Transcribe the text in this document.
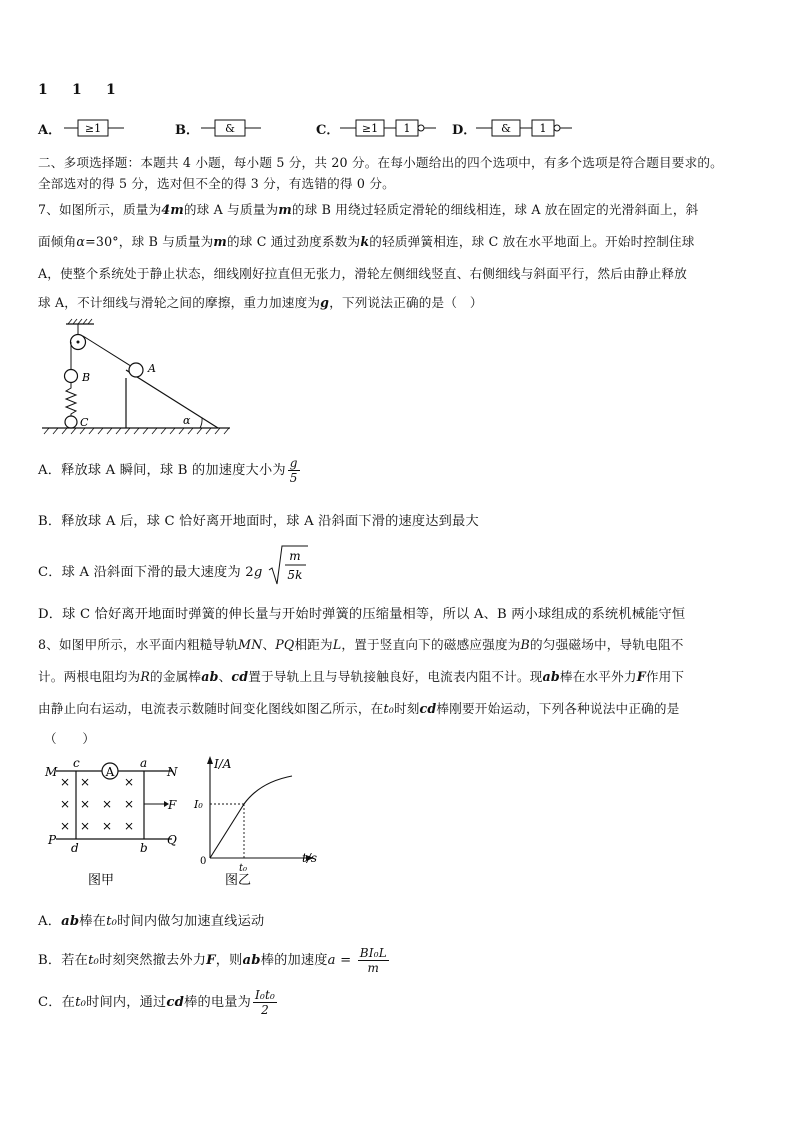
1 1 1
A． ≥1	B． &	C． ≥1 1	D． &	1
二、多项选择题：本题共 4 小题，每小题 5 分，共 20 分。在每小题给出的四个选项中，有多个选项是符合题目要求的。
全部选对的得 5 分，选对但不全的得 3 分，有选错的得 0 分。
7、如图所示，质量为4m的球 A 与质量为m的球 B 用绕过轻质定滑轮的细线相连，球 A 放在固定的光滑斜面上，斜
面倾角α=30°，球 B 与质量为m的球 C 通过劲度系数为k的轻质弹簧相连，球 C 放在水平地面上。开始时控制住球
A，使整个系统处于静止状态，细线刚好拉直但无张力，滑轮左侧细线竖直、右侧细线与斜面平行，然后由静止释放
球 A，不计细线与滑轮之间的摩擦，重力加速度为g，下列说法正确的是（　）
B
C
A
α
A．释放球 A 瞬间，球 B 的加速度大小为 $\frac{g}{5}$
B．释放球 A 后，球 C 恰好离开地面时，球 A 沿斜面下滑的速度达到最大
C．球 A 沿斜面下滑的最大速度为 2g
m
5k
D．球 C 恰好离开地面时弹簧的伸长量与开始时弹簧的压缩量相等，所以 A、B 两小球组成的系统机械能守恒
8、如图甲所示，水平面内粗糙导轨MN、PQ相距为L，置于竖直向下的磁感应强度为B的匀强磁场中，导轨电阻不
计。两根电阻均为R的金属棒ab、cd置于导轨上且与导轨接触良好，电流表内阻不计。现ab棒在水平外力F作用下
由静止向右运动，电流表示数随时间变化图线如图乙所示，在t₀时刻cd棒刚要开始运动，下列各种说法中正确的是
（　　）
A
M	N
P	Q
c	a
d	b
× ×	×
× × × ×
× × × ×
F
图甲
I/A
t/s
0
I₀
t₀
图乙
A．ab棒在t₀时间内做匀加速直线运动
B．若在t₀时刻突然撤去外力F，则ab棒的加速度$a = \frac{\text{BI₀L}}{m}$
C．在t₀时间内，通过cd棒的电量为 $\frac{\text{I₀t₀}}{2}$
